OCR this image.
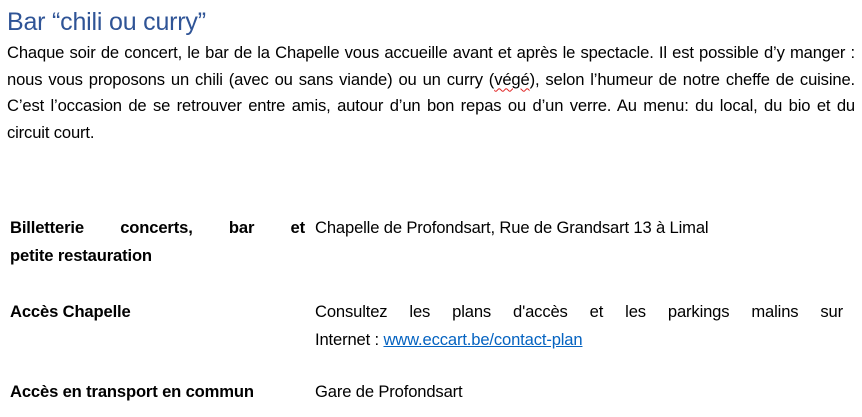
Bar “chili ou curry”

Chaque soir de concert, le bar de la Chapelle vous accueille avant et après le spectacle. Il est possible d’y manger : nous vous proposons un chili (avec ou sans viande) ou un curry (végé), selon l’humeur de notre cheffe de cuisine. C’est l’occasion de se retrouver entre amis, autour d’un bon repas ou d’un verre. Au menu: du local, du bio et du circuit court.

Billetterie concerts, bar et
petite restauration	Chapelle de Profondsart, Rue de Grandsart 13 à Limal
Accès Chapelle	Consultez les plans d'accès et les parkings malins sur
Internet : www.eccart.be/contact-plan
Accès en transport en commun	Gare de Profondsart
